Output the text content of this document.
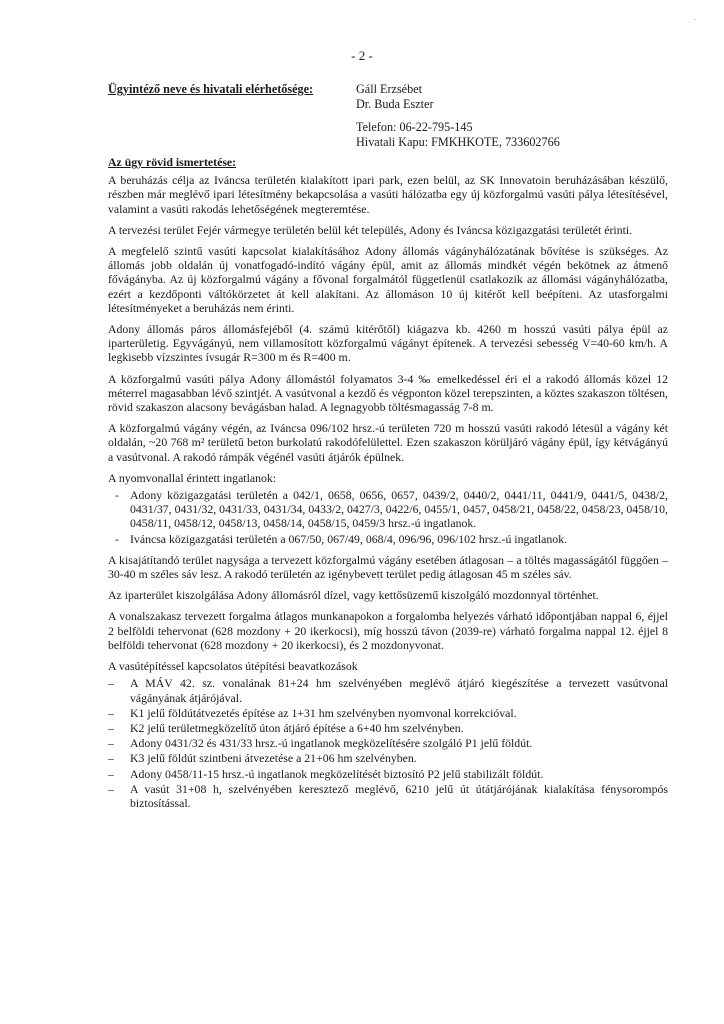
..
- 2 -
Ügyintéző neve és hivatali elérhetősége:	Gáll Erzsébet
Dr. Buda Eszter
Telefon: 06-22-795-145
Hivatali Kapu: FMKHKOTE, 733602766
Az ügy rövid ismertetése:

A beruházás célja az Iváncsa területén kialakított ipari park, ezen belül, az SK Innovatoin beruházásában készülő, részben már meglévő ipari létesítmény bekapcsolása a vasúti hálózatba egy új közforgalmú vasúti pálya létesítésével, valamint a vasúti rakodás lehetőségének megteremtése.

A tervezési terület Fejér vármegye területén belül két település, Adony és Iváncsa közigazgatási területét érinti.

A megfelelő szintű vasúti kapcsolat kialakításához Adony állomás vágányhálózatának bővítése is szükséges. Az állomás jobb oldalán új vonatfogadó-indító vágány épül, amit az állomás mindkét végén bekötnek az átmenő fővágányba. Az új közforgalmú vágány a fővonal forgalmától függetlenül csatlakozik az állomási vágányhálózatba, ezért a kezdőponti váltókörzetet át kell alakítani. Az állomáson 10 új kitérőt kell beépíteni. Az utasforgalmi létesítményeket a beruházás nem érinti.

Adony állomás páros állomásfejéből (4. számú kitérőtől) kiágazva kb. 4260 m hosszú vasúti pálya épül az iparterületig. Egyvágányú, nem villamosított közforgalmú vágányt építenek. A tervezési sebesség V=40-60 km/h. A legkisebb vízszintes ívsugár R=300 m és R=400 m.

A közforgalmú vasúti pálya Adony állomástól folyamatos 3-4 ‰ emelkedéssel éri el a rakodó állomás közel 12 méterrel magasabban lévő szintjét. A vasútvonal a kezdő és végponton közel terepszinten, a köztes szakaszon töltésen, rövid szakaszon alacsony bevágásban halad. A legnagyobb töltésmagasság 7-8 m.

A közforgalmú vágány végén, az Iváncsa 096/102 hrsz.-ú területen 720 m hosszú vasúti rakodó létesül a vágány két oldalán, ~20 768 m² területű beton burkolatú rakodófelülettel. Ezen szakaszon körüljáró vágány épül, így kétvágányú a vasútvonal. A rakodó rámpák végénél vasúti átjárók épülnek.

A nyomvonallal érintett ingatlanok:

- Adony közigazgatási területén a 042/1, 0658, 0656, 0657, 0439/2, 0440/2, 0441/11, 0441/9, 0441/5, 0438/2, 0431/37, 0431/32, 0431/33, 0431/34, 0433/2, 0427/3, 0422/6, 0455/1, 0457, 0458/21, 0458/22, 0458/23, 0458/10, 0458/11, 0458/12, 0458/13, 0458/14, 0458/15, 0459/3 hrsz.-ú ingatlanok.
- Iváncsa közigazgatási területén a 067/50, 067/49, 068/4, 096/96, 096/102 hrsz.-ú ingatlanok.

A kisajátítandó terület nagysága a tervezett közforgalmú vágány esetében átlagosan – a töltés magasságától függően – 30-40 m széles sáv lesz. A rakodó területén az igénybevett terület pedig átlagosan 45 m széles sáv.

Az iparterület kiszolgálása Adony állomásról dízel, vagy kettősüzemű kiszolgáló mozdonnyal történhet.

A vonalszakasz tervezett forgalma átlagos munkanapokon a forgalomba helyezés várható időpontjában nappal 6, éjjel 2 belföldi tehervonat (628 mozdony + 20 ikerkocsi), míg hosszú távon (2039-re) várható forgalma nappal 12. éjjel 8 belföldi tehervonat (628 mozdony + 20 ikerkocsi), és 2 mozdonyvonat.

A vasútépítéssel kapcsolatos útépítési beavatkozások

– A MÁV 42. sz. vonalának 81+24 hm szelvényében meglévő átjáró kiegészítése a tervezett vasútvonal vágányának átjárójával.
– K1 jelű földútátvezetés építése az 1+31 hm szelvényben nyomvonal korrekcióval.
– K2 jelű területmegközelítő úton átjáró építése a 6+40 hm szelvényben.
– Adony 0431/32 és 431/33 hrsz.-ú ingatlanok megközelítésére szolgáló P1 jelű földút.
– K3 jelű földút szintbeni átvezetése a 21+06 hm szelvényben.
– Adony 0458/11-15 hrsz.-ú ingatlanok megközelítését biztosító P2 jelű stabilizált földút.
– A vasút 31+08 h, szelvényében keresztező meglévő, 6210 jelű út útátjárójának kialakítása fénysorompós biztosítással.
